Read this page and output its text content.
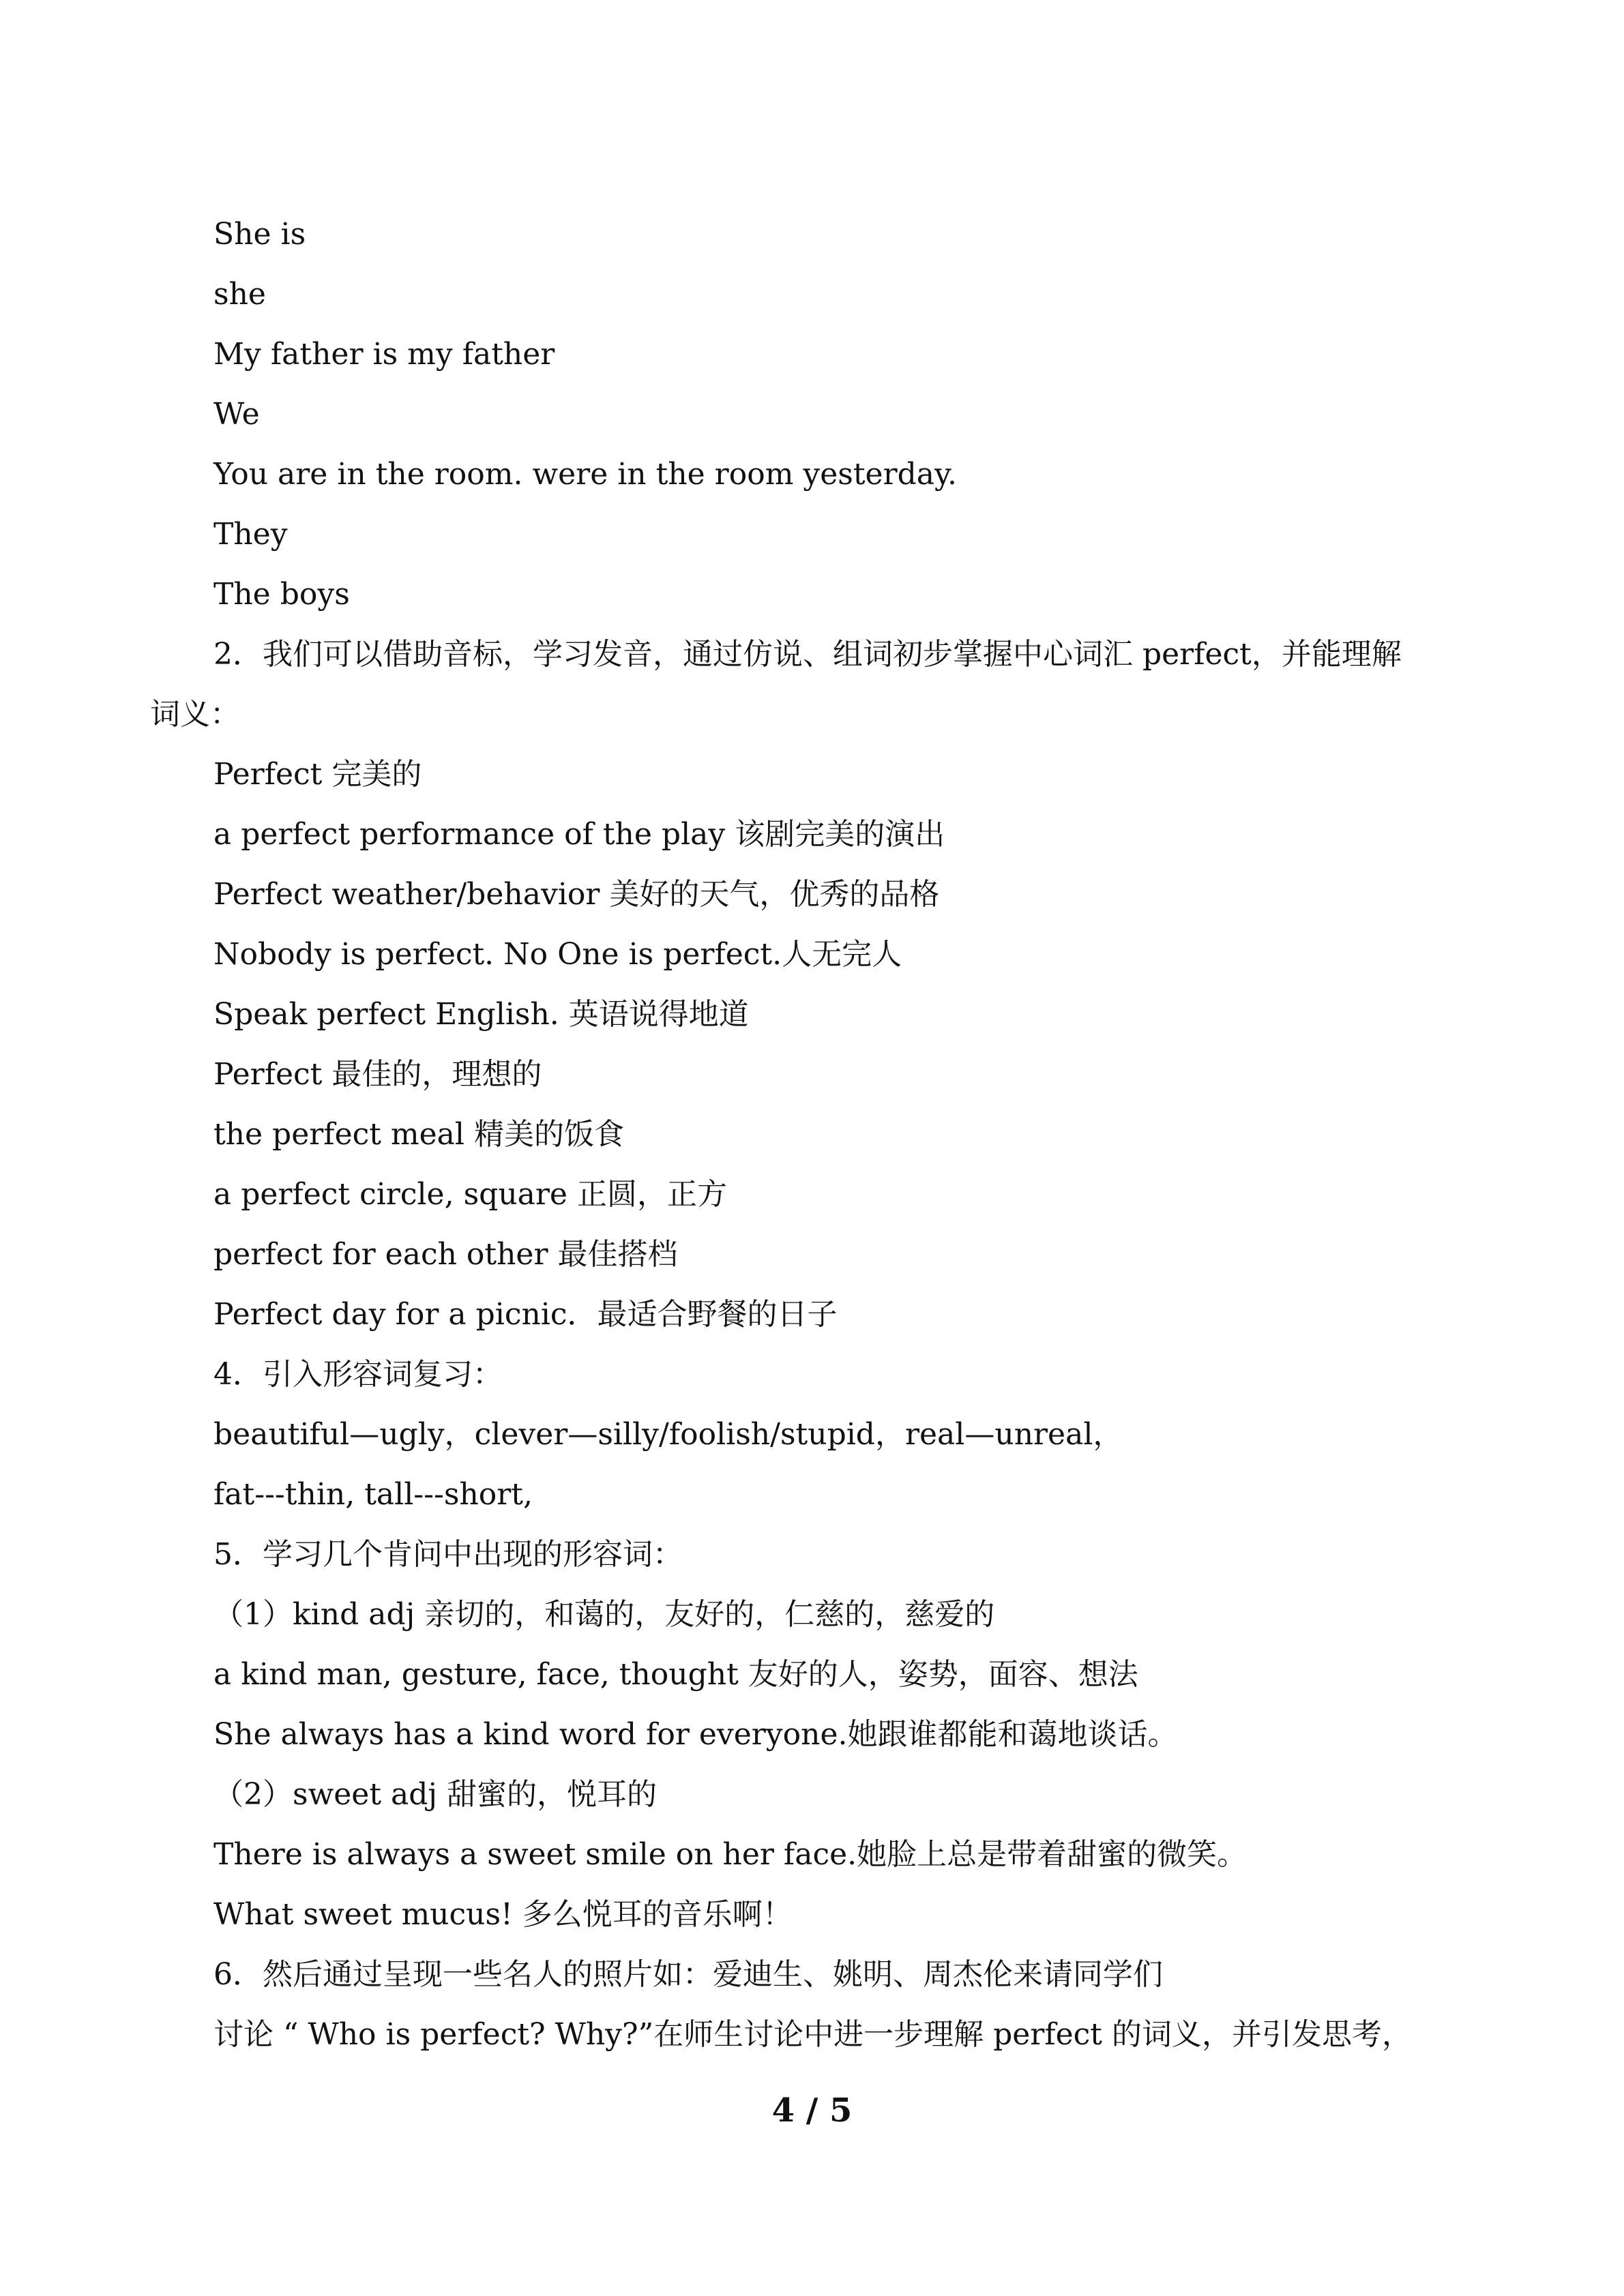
She is
she
My father is my father
We
You are in the room. were in the room yesterday.
They
The boys
2．我们可以借助音标，学习发音，通过仿说、组词初步掌握中心词汇 perfect，并能理解
词义：
Perfect 完美的
a perfect performance of the play 该剧完美的演出
Perfect weather/behavior 美好的天气，优秀的品格
Nobody is perfect. No One is perfect.人无完人
Speak perfect English. 英语说得地道
Perfect 最佳的，理想的
the perfect meal 精美的饭食
a perfect circle, square 正圆，正方
perfect for each other 最佳搭档
Perfect day for a picnic．最适合野餐的日子
4．引入形容词复习：
beautiful—ugly，clever—silly/foolish/stupid，real—unreal，
fat---thin, tall---short,
5．学习几个肯问中出现的形容词：
（1）kind adj 亲切的，和蔼的，友好的，仁慈的，慈爱的
a kind man, gesture, face, thought 友好的人，姿势，面容、想法
She always has a kind word for everyone.她跟谁都能和蔼地谈话。
（2）sweet adj 甜蜜的，悦耳的
There is always a sweet smile on her face.她脸上总是带着甜蜜的微笑。
What sweet mucus! 多么悦耳的音乐啊！
6．然后通过呈现一些名人的照片如：爱迪生、姚明、周杰伦来请同学们
讨论 “ Who is perfect? Why?”在师生讨论中进一步理解 perfect 的词义，并引发思考，
4 / 5
